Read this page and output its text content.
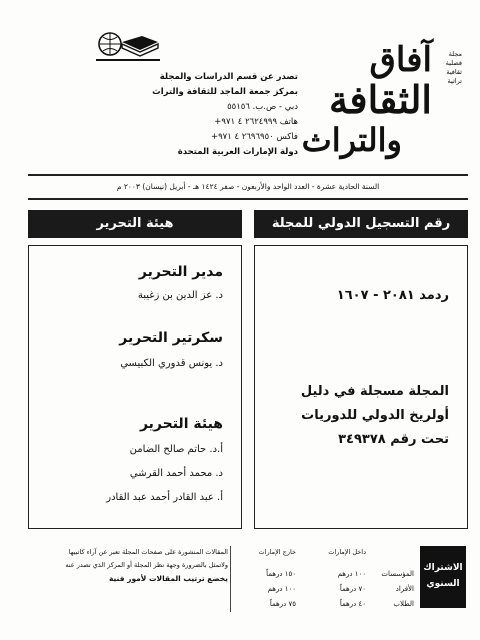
تصدر عن قسم الدراسات والمجلة
بمركز جمعة الماجد للثقافة والتراث
دبي - ص.ب. ٥٥١٥٦
هاتف ٢٦٢٤٩٩٩ ٤ ٩٧١+
فاكس ٢٦٩٦٩٥٠ ٤ ٩٧١+
دولة الإمارات العربية المتحدة
آفاق
الثقافة
والتراث
مجلة
فصلية
ثقافية
تراثية
السنة الحادية عشرة - العدد الواحد والأربعون - صفر ١٤٢٤ هـ - أبريل (نيسان) ٢٠٠٣ م
رقم التسجيل الدولي للمجلة
هيئة التحرير
ردمد ٢٠٨١ - ١٦٠٧
المجلة مسجلة في دليل
أولريخ الدولي للدوريات
تحت رقم ٣٤٩٣٧٨
مدير التحرير
د. عز الدين بن زغيبة
سكرتير التحرير
د. يونس قدوري الكبيسي
هيئة التحرير
أ.د. حاتم صالح الضامن
د. محمد أحمد القرشي
أ. عبد القادر أحمد عبد القادر
المقالات المنشورة على صفحات المجلة تعبر عن آراء كاتبيها
ولاتمثل بالضرورة وجهة نظر المجلة أو المركز الذي تصدر عنه
يخضع ترتيب المقالات لأمور فنية
داخل الإمارات
خارج الإمارات
المؤسسات
١٠٠ درهم
١٥٠ درهماً
الأفراد
٧٠ درهماً
١٠٠ درهم
الطلاب
٤٠ درهماً
٧٥ درهماً
الاشتراك السنوي
